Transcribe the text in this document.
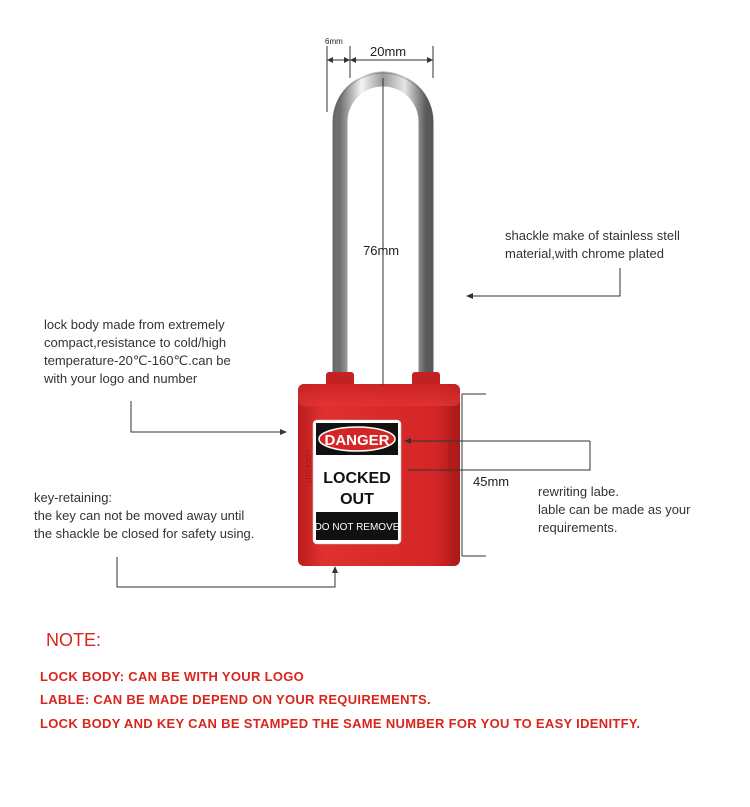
LOCKOUT	LOCKOUT
DANGER
LOCKED
OUT
DO NOT REMOVE
6mm
20mm
76mm
45mm
shackle make of stainless stell
material,with chrome plated
lock body made from extremely
compact,resistance to cold/high
temperature-20℃-160℃.can be
with your logo and number
key-retaining:
the key can not be moved away until
the shackle be closed for safety using.
rewriting labe.
lable can be made as your
requirements.
NOTE:
LOCK BODY: CAN BE WITH YOUR LOGO
LABLE: CAN BE MADE DEPEND ON YOUR REQUIREMENTS.
LOCK BODY AND KEY CAN BE STAMPED THE SAME NUMBER FOR YOU TO EASY IDENITFY.
